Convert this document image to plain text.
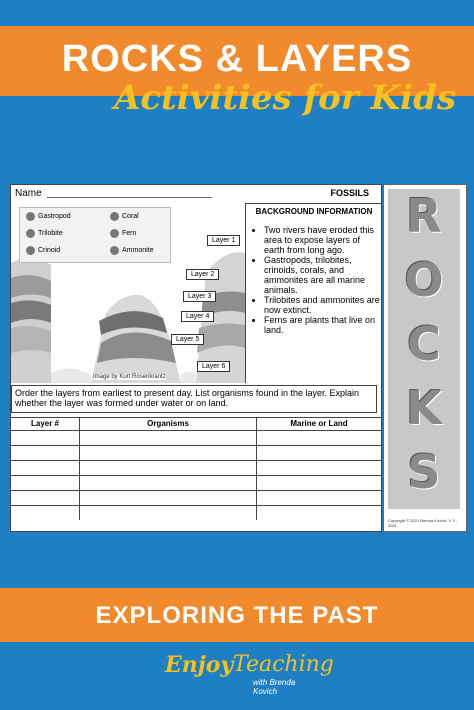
ROCKS & LAYERS
Activities for Kids
Name	FOSSILS
Gastropod	Coral
Trilobite	Fern
Crinoid	Ammonite
Layer 1
Layer 2
Layer 3
Layer 4
Layer 5
Layer 6
Image by Kurt Rosenkrantz
BACKGROUND INFORMATION
• Two rivers have eroded this area to expose layers of earth from long ago.
• Gastropods, trilobites, crinoids, corals, and ammonites are all marine animals.
• Trilobites and ammonites are now extinct.
• Ferns are plants that live on land.
Order the layers from earliest to present day. List organisms found in the layer. Explain whether the layer was formed under water or on land.
Layer #	Organisms	Marine or Land
R
O
C
K
S
Copyright © 2021 Brenda Kovich, V 3 - 2021
EXPLORING THE PAST
Enjoy Teaching
with Brenda Kovich
